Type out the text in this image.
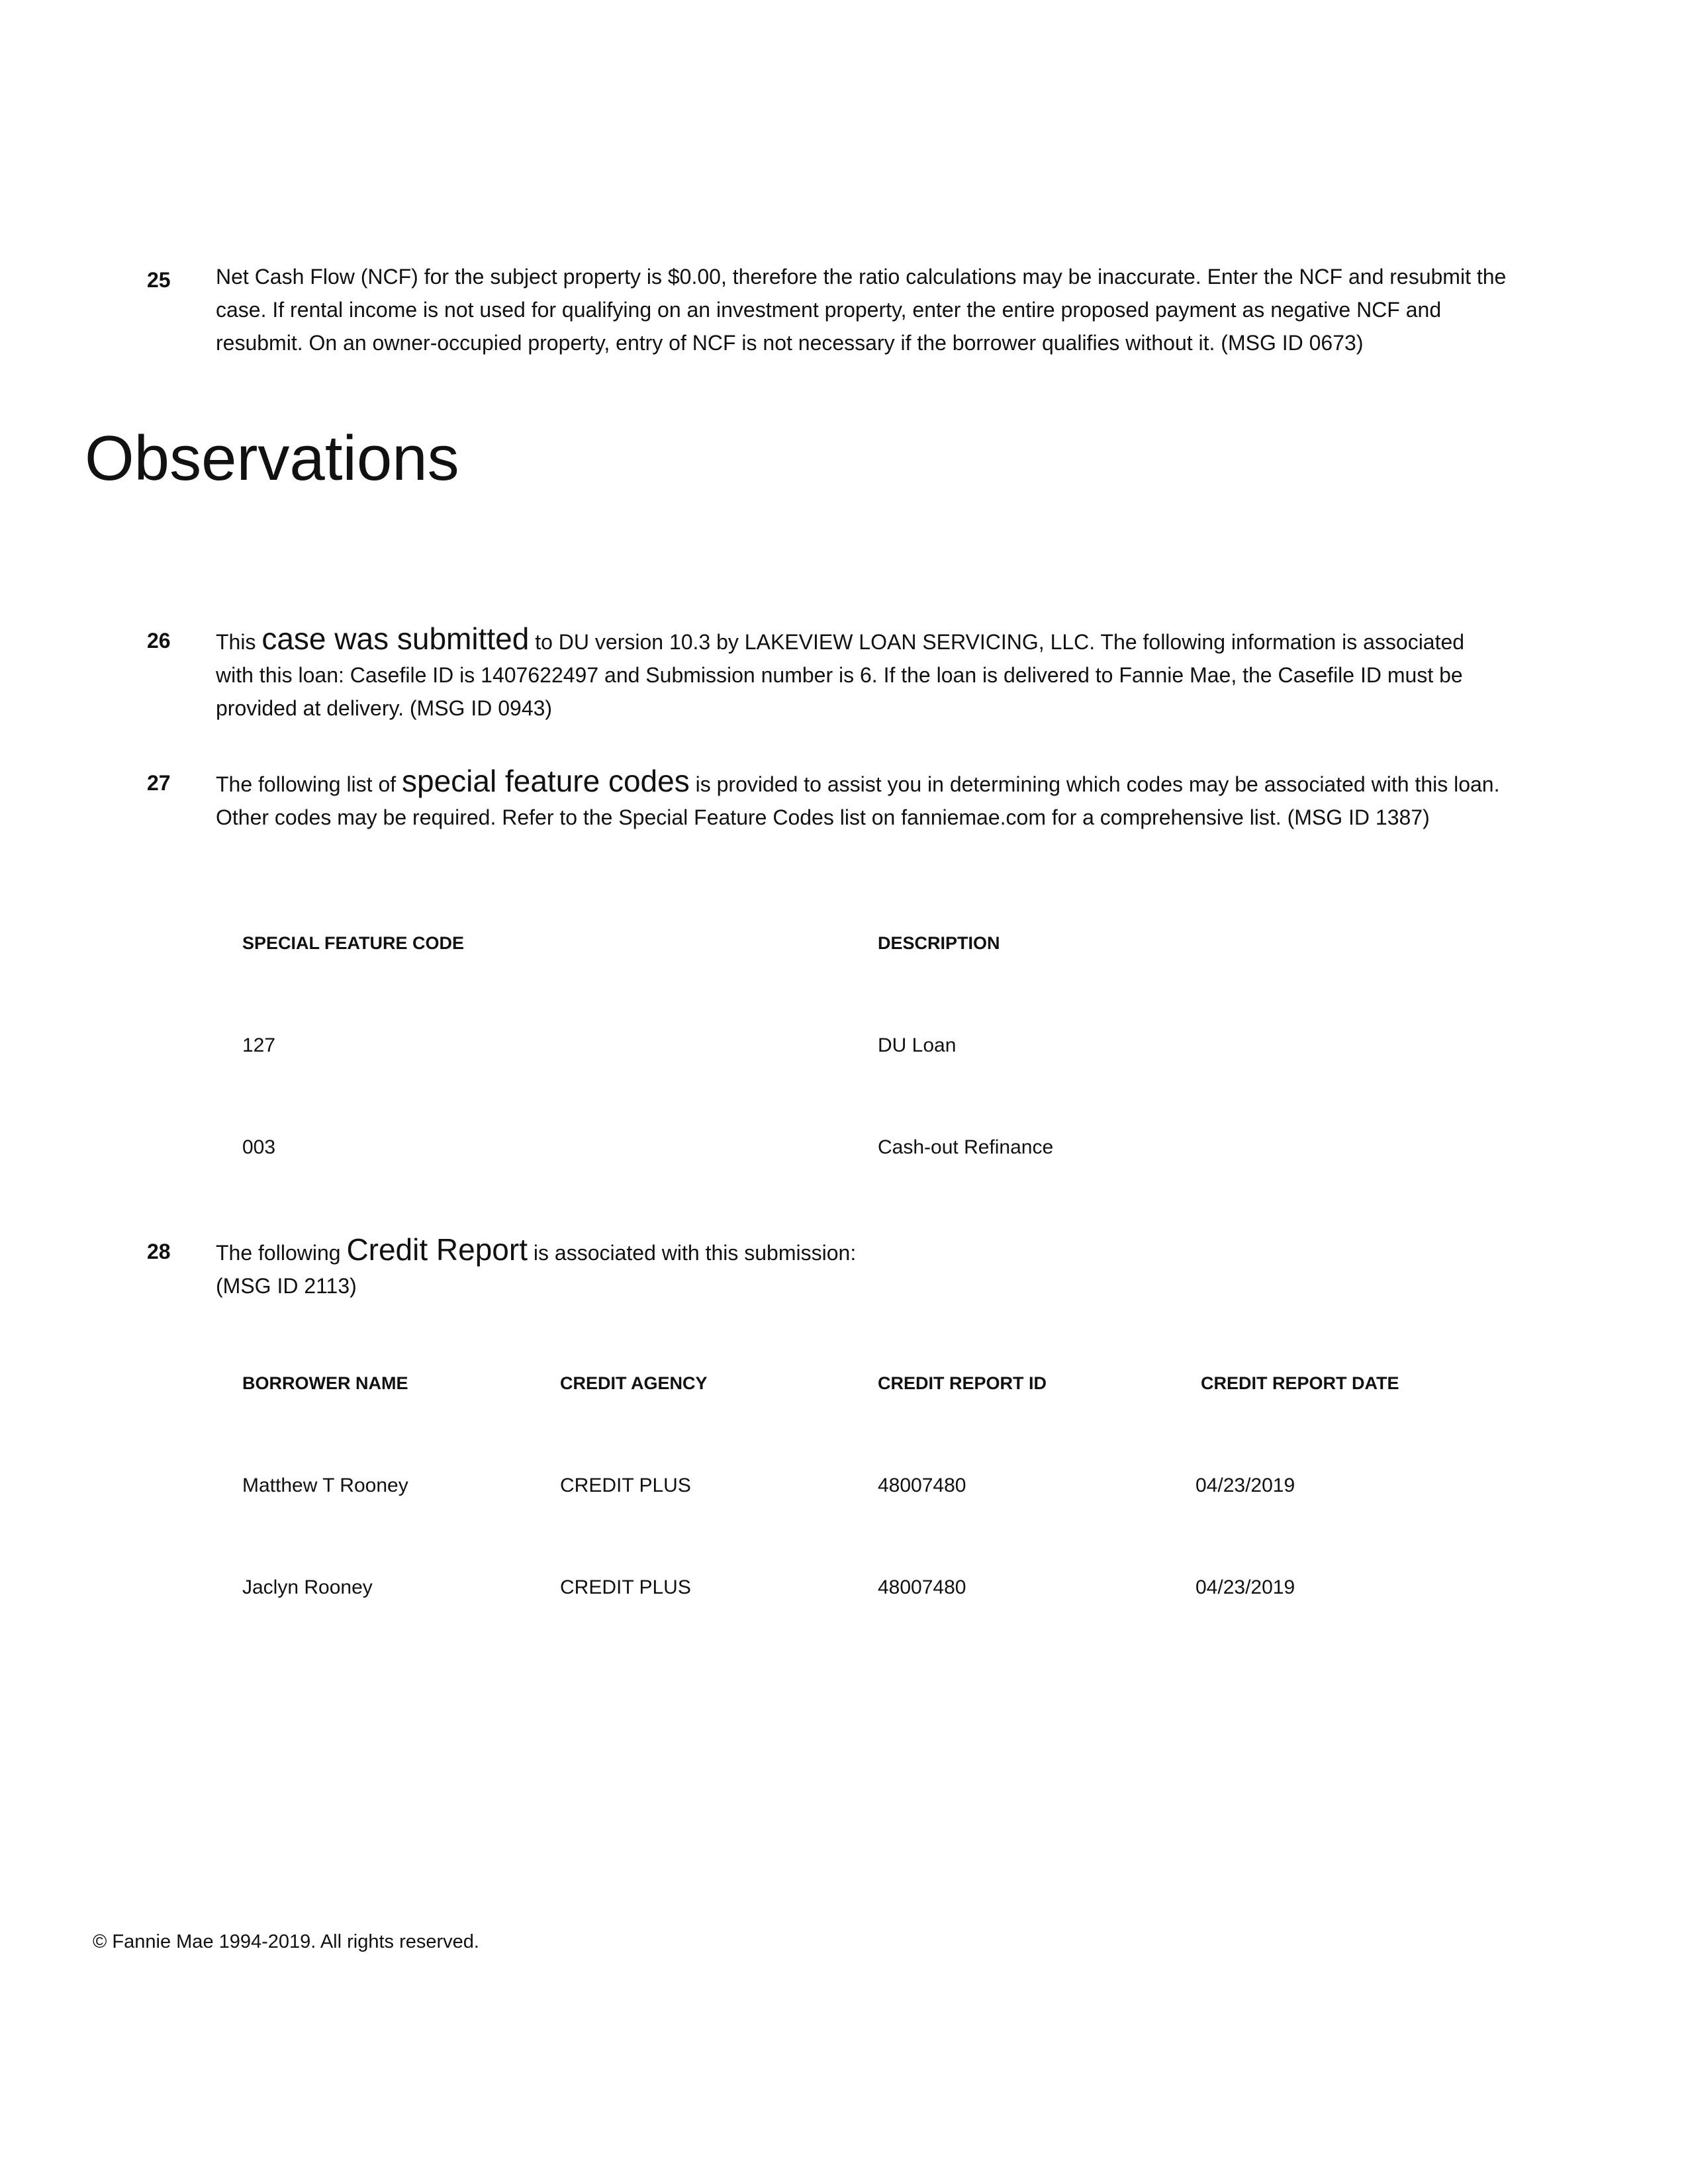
25 Net Cash Flow (NCF) for the subject property is $0.00, therefore the ratio calculations may be inaccurate. Enter the NCF and resubmit the case. If rental income is not used for qualifying on an investment property, enter the entire proposed payment as negative NCF and resubmit. On an owner-occupied property, entry of NCF is not necessary if the borrower qualifies without it. (MSG ID 0673)
Observations
26 This case was submitted to DU version 10.3 by LAKEVIEW LOAN SERVICING, LLC. The following information is associated with this loan: Casefile ID is 1407622497 and Submission number is 6. If the loan is delivered to Fannie Mae, the Casefile ID must be provided at delivery. (MSG ID 0943)
27 The following list of special feature codes is provided to assist you in determining which codes may be associated with this loan. Other codes may be required. Refer to the Special Feature Codes list on fanniemae.com for a comprehensive list. (MSG ID 1387)
SPECIAL FEATURE CODE	DESCRIPTION
127	DU Loan
003	Cash-out Refinance
28 The following Credit Report is associated with this submission:
(MSG ID 2113)
BORROWER NAME	CREDIT AGENCY	CREDIT REPORT ID	CREDIT REPORT DATE
Matthew T Rooney	CREDIT PLUS	48007480	04/23/2019
Jaclyn Rooney	CREDIT PLUS	48007480	04/23/2019
© Fannie Mae 1994-2019. All rights reserved.
